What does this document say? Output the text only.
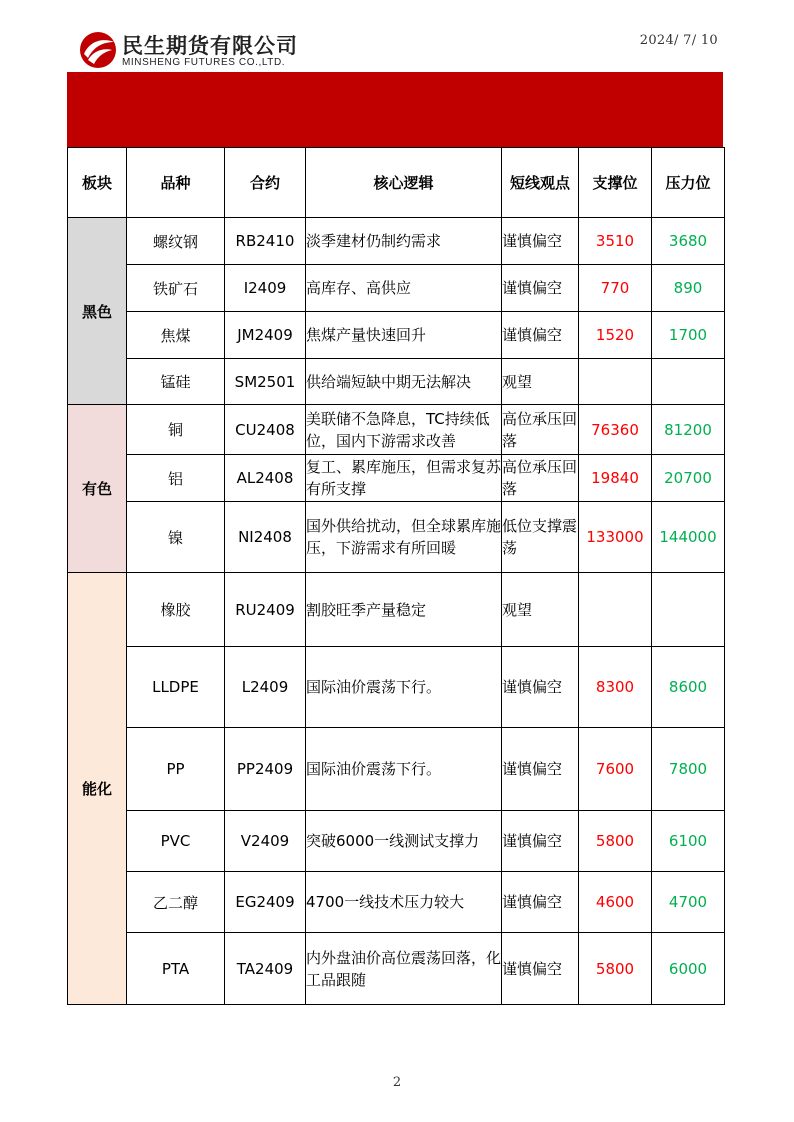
民生期货有限公司
MINSHENG FUTURES CO.,LTD.
2024/ 7/ 10
板块	品种	合约	核心逻辑	短线观点	支撑位	压力位
黑色	螺纹钢	RB2410	淡季建材仍制约需求	谨慎偏空	3510	3680
	铁矿石	I2409	高库存、高供应	谨慎偏空	770	890
	焦煤	JM2409	焦煤产量快速回升	谨慎偏空	1520	1700
	锰硅	SM2501	供给端短缺中期无法解决	观望		
有色	铜	CU2408	美联储不急降息，TC持续低位，国内下游需求改善	高位承压回落	76360	81200
	铝	AL2408	复工、累库施压，但需求复苏有所支撑	高位承压回落	19840	20700
	镍	NI2408	国外供给扰动，但全球累库施压，下游需求有所回暖	低位支撑震荡	133000	144000
能化	橡胶	RU2409	割胶旺季产量稳定	观望		
	LLDPE	L2409	国际油价震荡下行。	谨慎偏空	8300	8600
	PP	PP2409	国际油价震荡下行。	谨慎偏空	7600	7800
	PVC	V2409	突破6000一线测试支撑力	谨慎偏空	5800	6100
	乙二醇	EG2409	4700一线技术压力较大	谨慎偏空	4600	4700
	PTA	TA2409	内外盘油价高位震荡回落，化工品跟随	谨慎偏空	5800	6000
2
